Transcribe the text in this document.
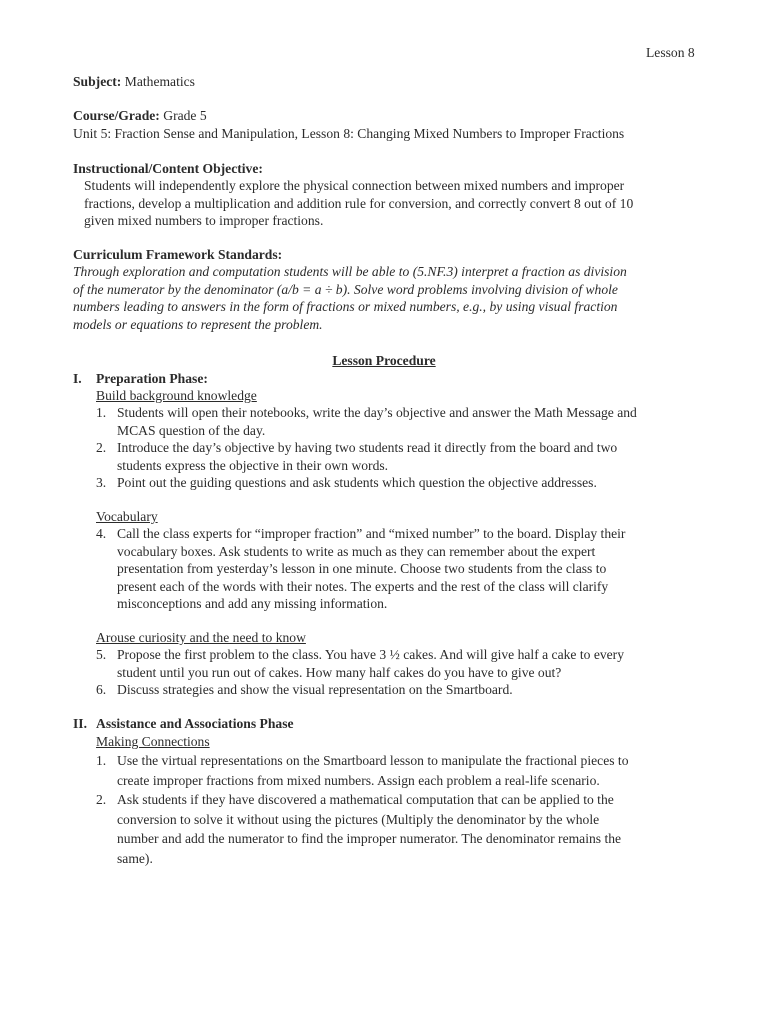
Lesson 8
Subject: Mathematics
Course/Grade: Grade 5
Unit 5: Fraction Sense and Manipulation, Lesson 8: Changing Mixed Numbers to Improper Fractions
Instructional/Content Objective:
Students will independently explore the physical connection between mixed numbers and improper
fractions, develop a multiplication and addition rule for conversion, and correctly convert 8 out of 10
given mixed numbers to improper fractions.
Curriculum Framework Standards:
Through exploration and computation students will be able to (5.NF.3) interpret a fraction as division
of the numerator by the denominator (a/b = a ÷ b). Solve word problems involving division of whole
numbers leading to answers in the form of fractions or mixed numbers, e.g., by using visual fraction
models or equations to represent the problem.
Lesson Procedure
I. Preparation Phase:
Build background knowledge
1. Students will open their notebooks, write the day’s objective and answer the Math Message and
MCAS question of the day.
2. Introduce the day’s objective by having two students read it directly from the board and two
students express the objective in their own words.
3. Point out the guiding questions and ask students which question the objective addresses.
Vocabulary
4. Call the class experts for “improper fraction” and “mixed number” to the board. Display their
vocabulary boxes. Ask students to write as much as they can remember about the expert
presentation from yesterday’s lesson in one minute. Choose two students from the class to
present each of the words with their notes. The experts and the rest of the class will clarify
misconceptions and add any missing information.
Arouse curiosity and the need to know
5. Propose the first problem to the class. You have 3 ½ cakes. And will give half a cake to every
student until you run out of cakes. How many half cakes do you have to give out?
6. Discuss strategies and show the visual representation on the Smartboard.
II. Assistance and Associations Phase
Making Connections
1. Use the virtual representations on the Smartboard lesson to manipulate the fractional pieces to
create improper fractions from mixed numbers. Assign each problem a real-life scenario.
2. Ask students if they have discovered a mathematical computation that can be applied to the
conversion to solve it without using the pictures (Multiply the denominator by the whole
number and add the numerator to find the improper numerator. The denominator remains the
same).
